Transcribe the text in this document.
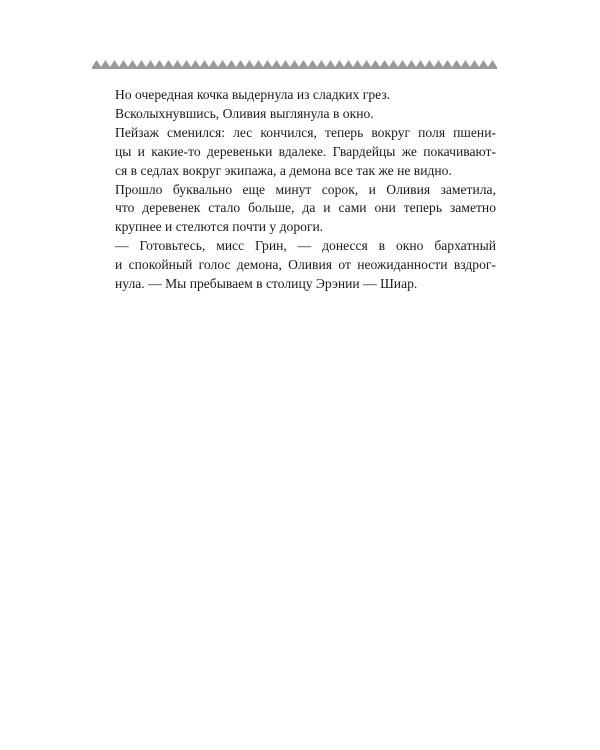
Но очередная кочка выдернула из сладких грез.

Всколыхнувшись, Оливия выглянула в окно.

Пейзаж сменился: лес кончился, теперь вокруг поля пшени-
цы и какие-то деревеньки вдалеке. Гвардейцы же покачивают-
ся в седлах вокруг экипажа, а демона все так же не видно.

Прошло буквально еще минут сорок, и Оливия заметила,
что деревенек стало больше, да и сами они теперь заметно
крупнее и стелются почти у дороги.

— Готовьтесь, мисс Грин, — донесся в окно бархатный
и спокойный голос демона, Оливия от неожиданности вздрог-
нула. — Мы пребываем в столицу Эрэнии — Шиар.
